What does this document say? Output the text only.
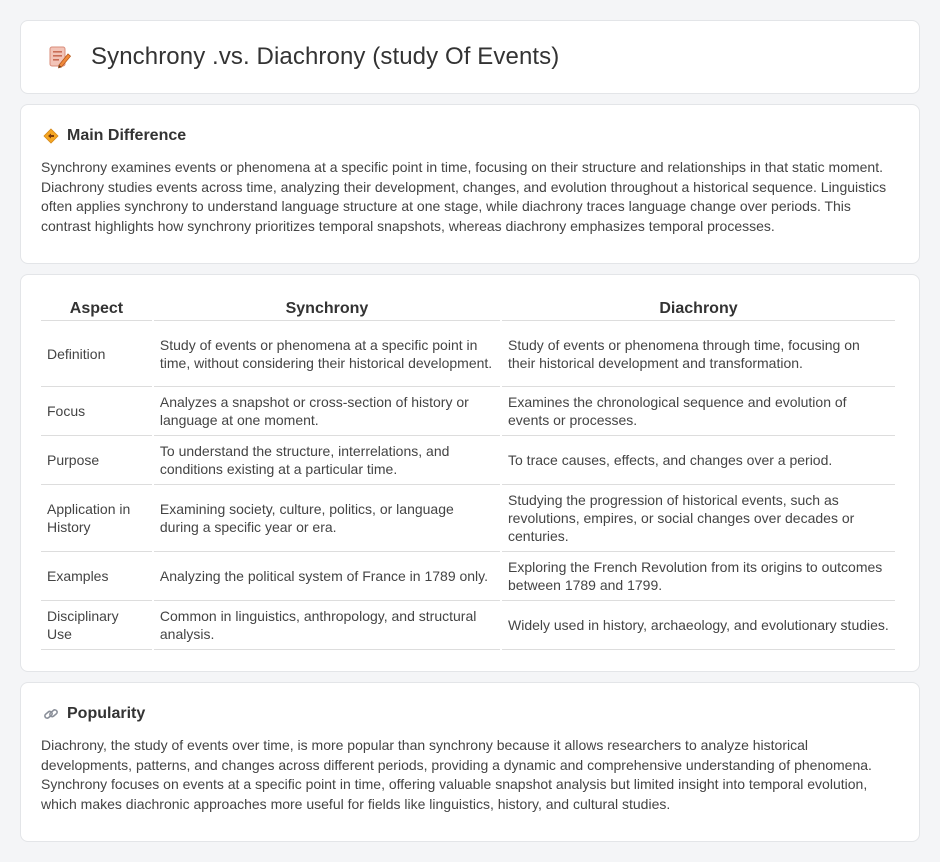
Synchrony .vs. Diachrony (study Of Events)
Main Difference

Synchrony examines events or phenomena at a specific point in time, focusing on their structure and relationships in that static moment. Diachrony studies events across time, analyzing their development, changes, and evolution throughout a historical sequence. Linguistics often applies synchrony to understand language structure at one stage, while diachrony traces language change over periods. This contrast highlights how synchrony prioritizes temporal snapshots, whereas diachrony emphasizes temporal processes.

Aspect	Synchrony	Diachrony
Definition	Study of events or phenomena at a specific point in time, without considering their historical development.	Study of events or phenomena through time, focusing on their historical development and transformation.
Focus	Analyzes a snapshot or cross-section of history or language at one moment.	Examines the chronological sequence and evolution of events or processes.
Purpose	To understand the structure, interrelations, and conditions existing at a particular time.	To trace causes, effects, and changes over a period.
Application in History	Examining society, culture, politics, or language during a specific year or era.	Studying the progression of historical events, such as revolutions, empires, or social changes over decades or centuries.
Examples	Analyzing the political system of France in 1789 only.	Exploring the French Revolution from its origins to outcomes between 1789 and 1799.
Disciplinary Use	Common in linguistics, anthropology, and structural analysis.	Widely used in history, archaeology, and evolutionary studies.
Popularity

Diachrony, the study of events over time, is more popular than synchrony because it allows researchers to analyze historical developments, patterns, and changes across different periods, providing a dynamic and comprehensive understanding of phenomena. Synchrony focuses on events at a specific point in time, offering valuable snapshot analysis but limited insight into temporal evolution, which makes diachronic approaches more useful for fields like linguistics, history, and cultural studies.
